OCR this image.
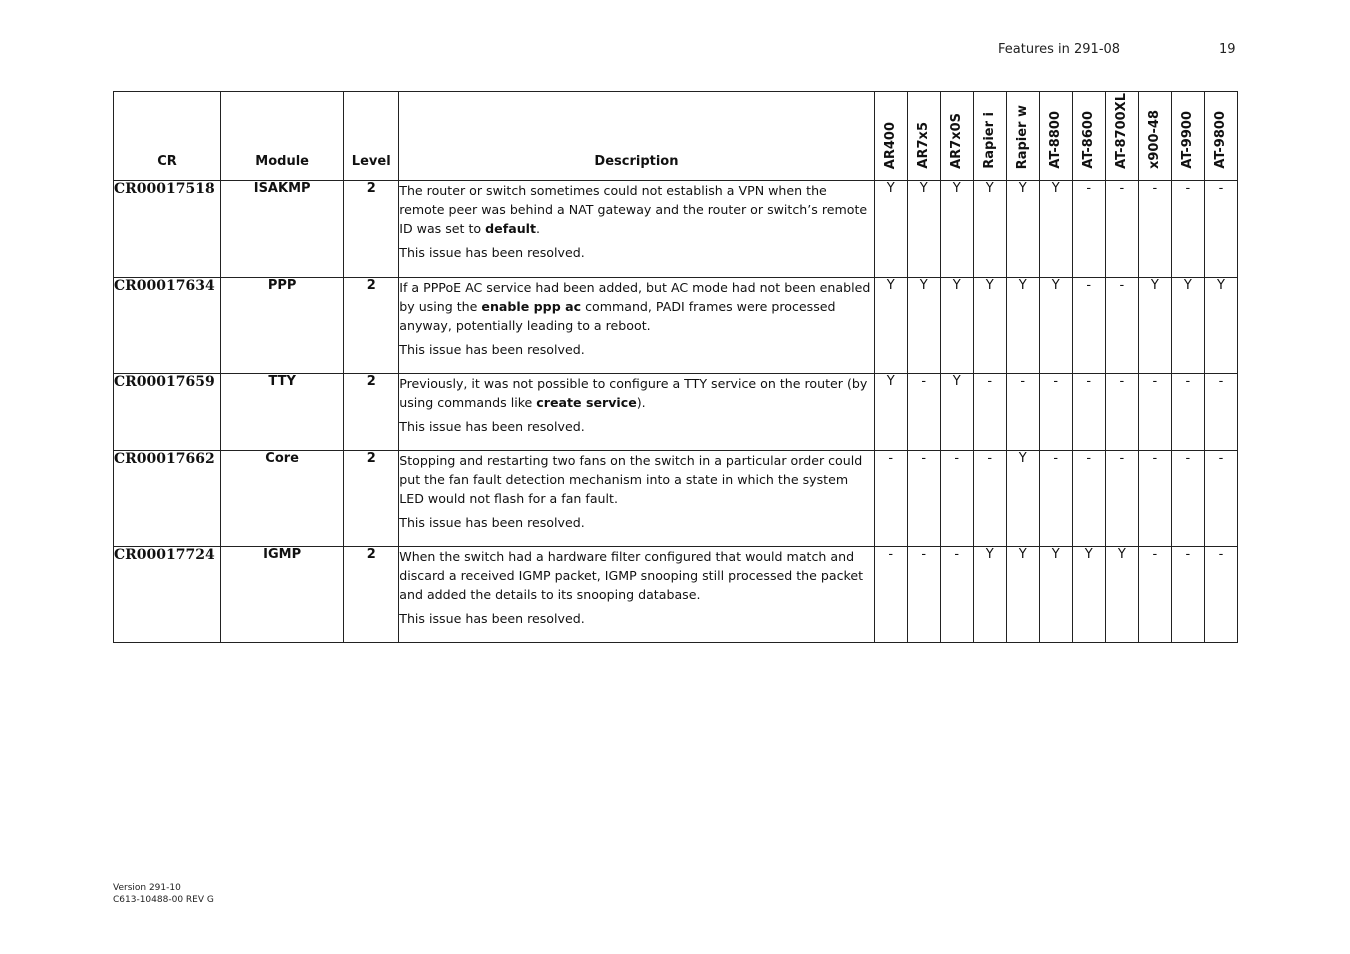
Features in 291-08	19
CR	Module	Level	Description	AR400	AR7x5	AR7x0S	Rapier i	Rapier w	AT-8800	AT-8600	AT-8700XL	x900-48	AT-9900	AT-9800

CR00017518	ISAKMP	2	The router or switch sometimes could not establish a VPN when the remote peer was behind a NAT gateway and the router or switch’s remote ID was set to default.

This issue has been resolved.	Y	Y	Y	Y	Y	Y	-	-	-	-	-
CR00017634	PPP	2	If a PPPoE AC service had been added, but AC mode had not been enabled by using the enable ppp ac command, PADI frames were processed anyway, potentially leading to a reboot.

This issue has been resolved.	Y	Y	Y	Y	Y	Y	-	-	Y	Y	Y
CR00017659	TTY	2	Previously, it was not possible to configure a TTY service on the router (by using commands like create service).

This issue has been resolved.	Y	-	Y	-	-	-	-	-	-	-	-
CR00017662	Core	2	Stopping and restarting two fans on the switch in a particular order could put the fan fault detection mechanism into a state in which the system LED would not flash for a fan fault.

This issue has been resolved.	-	-	-	-	Y	-	-	-	-	-	-
CR00017724	IGMP	2	When the switch had a hardware filter configured that would match and discard a received IGMP packet, IGMP snooping still processed the packet and added the details to its snooping database.

This issue has been resolved.	-	-	-	Y	Y	Y	Y	Y	-	-	-
Version 291-10
C613-10488-00 REV G
